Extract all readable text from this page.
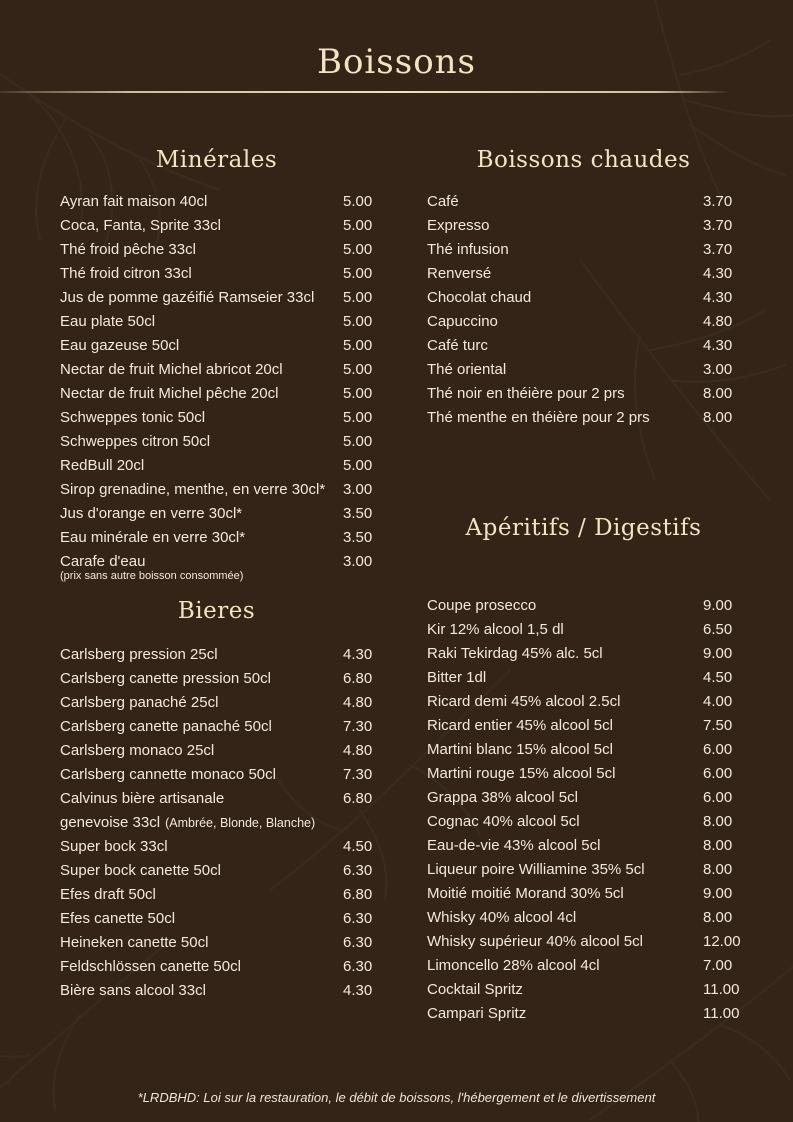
Boissons
Minérales
Ayran fait maison 40cl	5.00
Coca, Fanta, Sprite 33cl	5.00
Thé froid pêche 33cl	5.00
Thé froid citron 33cl	5.00
Jus de pomme gazéifié Ramseier 33cl 5.00
Eau plate 50cl	5.00
Eau gazeuse 50cl	5.00
Nectar de fruit Michel abricot 20cl	5.00
Nectar de fruit Michel pêche 20cl	5.00
Schweppes tonic 50cl	5.00
Schweppes citron 50cl	5.00
RedBull 20cl	5.00
Sirop grenadine, menthe, en verre 30cl* 3.00
Jus d'orange en verre 30cl*	3.50
Eau minérale en verre 30cl*	3.50
Carafe d'eau	3.00
(prix sans autre boisson consommée)
Bieres
Carlsberg pression 25cl	4.30
Carlsberg canette pression 50cl	6.80
Carlsberg panaché 25cl	4.80
Carlsberg canette panaché 50cl	7.30
Carlsberg monaco 25cl	4.80
Carlsberg cannette monaco 50cl	7.30
Calvinus bière artisanale	6.80
genevoise 33cl (Ambrée, Blonde, Blanche)
Super bock 33cl	4.50
Super bock canette 50cl	6.30
Efes draft 50cl	6.80
Efes canette 50cl	6.30
Heineken canette 50cl	6.30
Feldschlössen canette 50cl	6.30
Bière sans alcool 33cl	4.30
Boissons chaudes
Café	3.70
Expresso	3.70
Thé infusion	3.70
Renversé	4.30
Chocolat chaud	4.30
Capuccino	4.80
Café turc	4.30
Thé oriental	3.00
Thé noir en théière pour 2 prs	8.00
Thé menthe en théière pour 2 prs	8.00
Apéritifs / Digestifs
Coupe prosecco	9.00
Kir 12% alcool 1,5 dl	6.50
Raki Tekirdag 45% alc. 5cl	9.00
Bitter 1dl	4.50
Ricard demi 45% alcool 2.5cl	4.00
Ricard entier 45% alcool 5cl	7.50
Martini blanc 15% alcool 5cl	6.00
Martini rouge 15% alcool 5cl	6.00
Grappa 38% alcool 5cl	6.00
Cognac 40% alcool 5cl	8.00
Eau-de-vie 43% alcool 5cl	8.00
Liqueur poire Williamine 35% 5cl	8.00
Moitié moitié Morand 30% 5cl	9.00
Whisky 40% alcool 4cl	8.00
Whisky supérieur 40% alcool 5cl	12.00
Limoncello 28% alcool 4cl	7.00
Cocktail Spritz	11.00
Campari Spritz	11.00
*LRDBHD: Loi sur la restauration, le débit de boissons, l'hébergement et le divertissement
